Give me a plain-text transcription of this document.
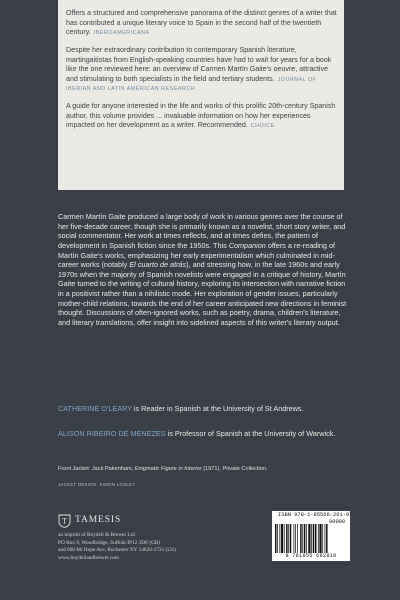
Offers a structured and comprehensive panorama of the distinct genres of a writer that has contributed a unique literary voice to Spain in the second half of the twentieth century. IBEROAMERICANA

Despite her extraordinary contribution to contemporary Spanish literature, martingaitistas from English-speaking countries have had to wait for years for a book like the one reviewed here: an overview of Carmen Martín Gaite's oeuvre, attractive and stimulating to both specialists in the field and tertiary students. JOURNAL OF IBERIAN AND LATIN AMERICAN RESEARCH

A guide for anyone interested in the life and works of this prolific 20th-century Spanish author, this volume provides ... invaluable information on how her experiences impacted on her development as a writer. Recommended. CHOICE

Carmen Martín Gaite produced a large body of work in various genres over the course of her five-decade career, though she is primarily known as a novelist, short story writer, and social commentator. Her work at times reflects, and at times defies, the pattern of development in Spanish fiction since the 1950s. This Companion offers a re-reading of Martín Gaite's works, emphasizing her early experimentalism which culminated in mid-career works (notably El cuarto de atrás), and stressing how, in the late 1960s and early 1970s when the majority of Spanish novelists were engaged in a critique of history, Martín Gaite turned to the writing of cultural history, exploring its intersection with narrative fiction in a positivist rather than a nihilistic mode. Her exploration of gender issues, particularly mother-child relations, towards the end of her career anticipated new directions in feminist thought. Discussions of often-ignored works, such as poetry, drama, children's literature, and literary translations, offer insight into sidelined aspects of this writer's literary output.

CATHERINE O'LEARY is Reader in Spanish at the University of St Andrews.

ALISON RIBEIRO DE MENEZES is Professor of Spanish at the University of Warwick.

Front Jacket: Jack Pakenham, Enigmatic Figure in Interior (1971), Private Collection.

JACKET DESIGN: SIMON LOXLEY

T TAMESIS
an imprint of Boydell & Brewer Ltd
PO Box 9, Woodbridge, Suffolk IP12 3DF (GB)
and 668 Mt Hope Ave, Rochester NY 14620-2731 (US)
www.boydellandbrewer.com
ISBN 978-1-85566-261-0
90000
9 781855 662810
